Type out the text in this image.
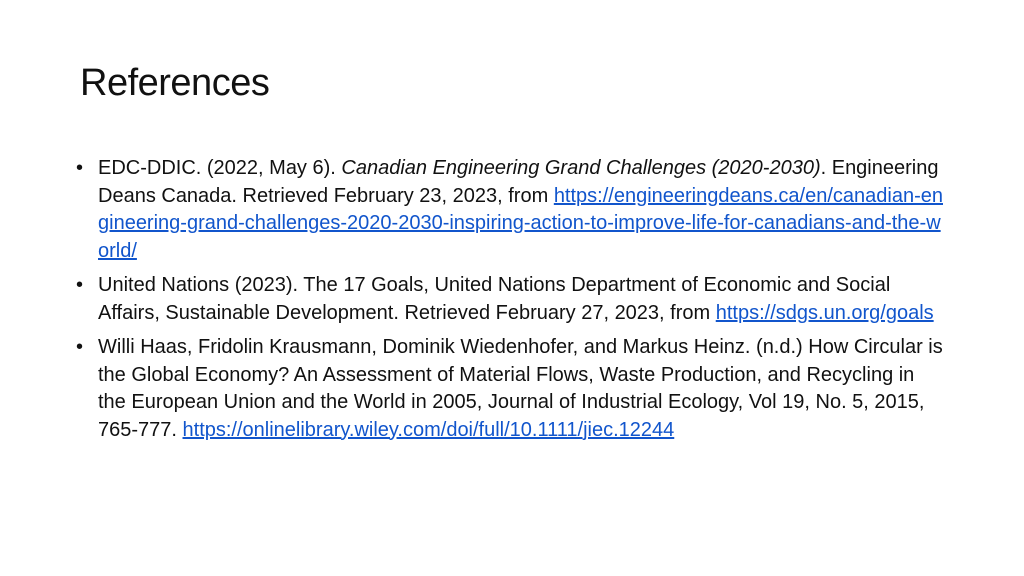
References
• EDC-DDIC. (2022, May 6). Canadian Engineering Grand Challenges (2020-2030). Engineering Deans Canada. Retrieved February 23, 2023, from https://engineeringdeans.ca/en/canadian-engineering-grand-challenges-2020-2030-inspiring-action-to-improve-life-for-canadians-and-the-world/
• United Nations (2023). The 17 Goals, United Nations Department of Economic and Social Affairs, Sustainable Development. Retrieved February 27, 2023, from https://sdgs.un.org/goals
• Willi Haas, Fridolin Krausmann, Dominik Wiedenhofer, and Markus Heinz. (n.d.) How Circular is the Global Economy? An Assessment of Material Flows, Waste Production, and Recycling in the European Union and the World in 2005, Journal of Industrial Ecology, Vol 19, No. 5, 2015, 765-777. https://onlinelibrary.wiley.com/doi/full/10.1111/jiec.12244
